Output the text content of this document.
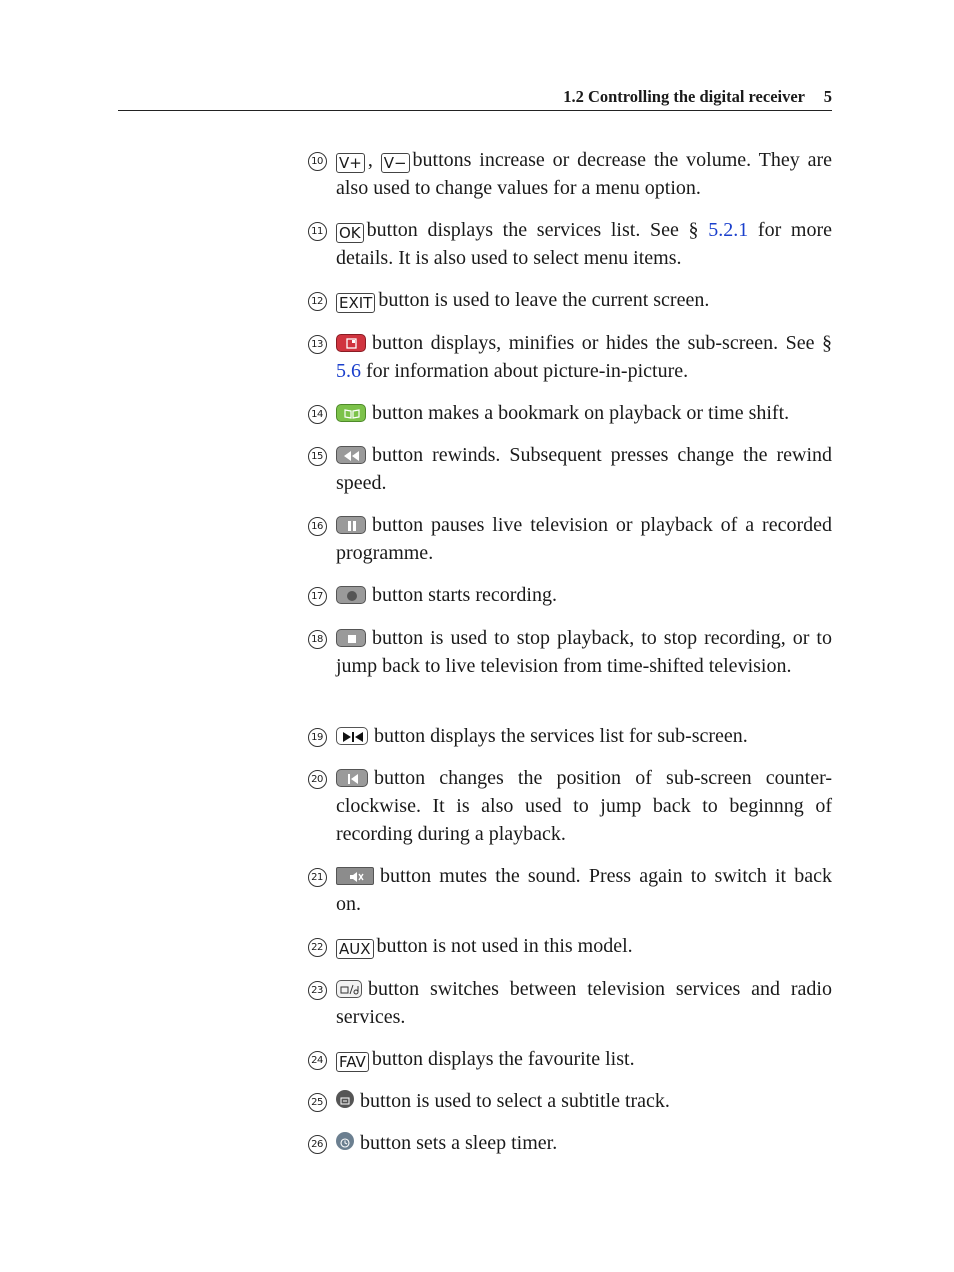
1.2 Controlling the digital receiver 5
10	V+ , V− buttons increase or decrease the volume. They are also used to change values for a menu option.

11	OK button displays the services list. See § 5.2.1 for more details. It is also used to select menu items.

12	EXIT button is used to leave the current screen.

13	button displays, minifies or hides the sub-screen. See § 5.6 for information about picture-in-picture.

14	button makes a bookmark on playback or time shift.

15	button rewinds. Subsequent presses change the rewind speed.

16	button pauses live television or playback of a recorded programme.

17	button starts recording.

18	button is used to stop playback, to stop recording, or to jump back to live television from time-shifted television.

19	button displays the services list for sub-screen.

20	button changes the position of sub-screen counter-clockwise. It is also used to jump back to beginnng of recording during a playback.

21	button mutes the sound. Press again to switch it back on.

22	AUX button is not used in this model.

23	button switches between television services and radio services.

24	FAV button displays the favourite list.

25	button is used to select a subtitle track.

26	button sets a sleep timer.
